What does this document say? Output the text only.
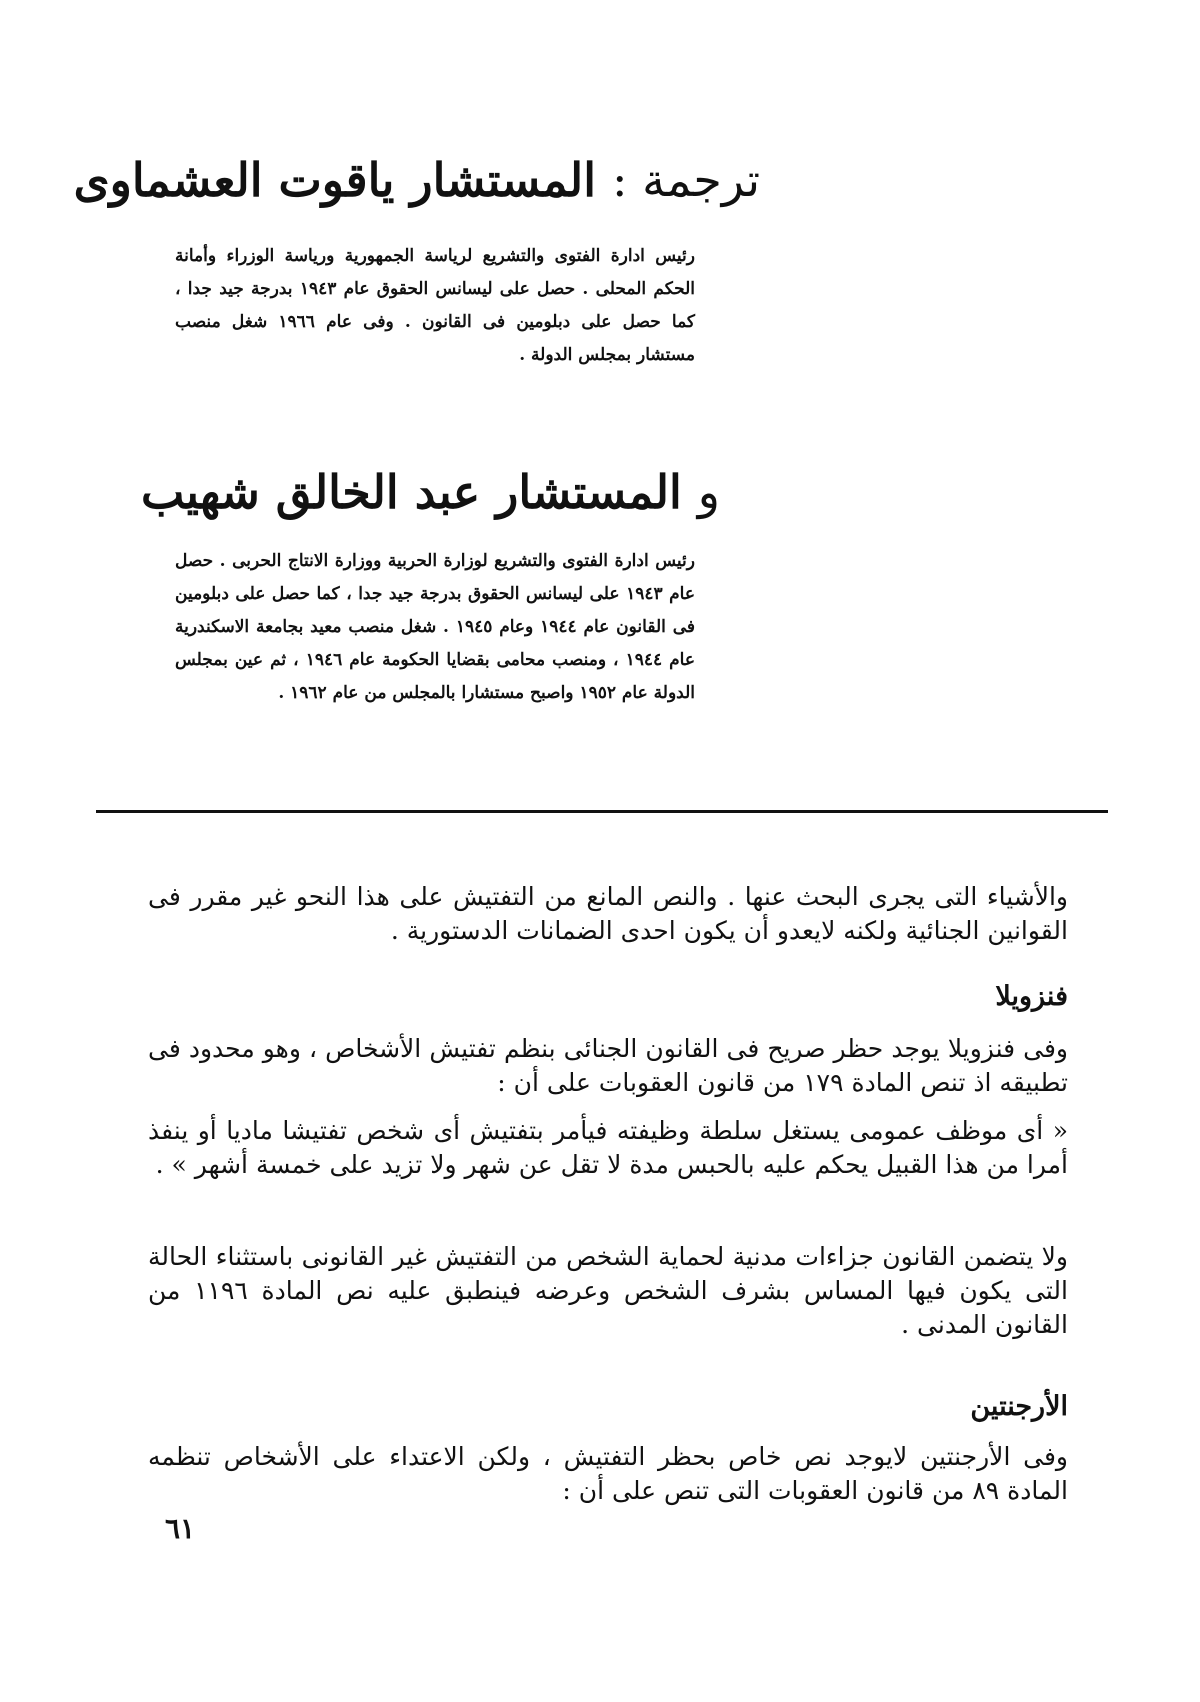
ترجمة : المستشار ياقوت العشماوى
رئيس ادارة الفتوى والتشريع لرياسة الجمهورية ورياسة الوزراء وأمانة الحكم المحلى . حصل على ليسانس الحقوق عام ١٩٤٣ بدرجة جيد جدا ، كما حصل على دبلومين فى القانون . وفى عام ١٩٦٦ شغل منصب مستشار بمجلس الدولة .
و المستشار عبد الخالق شهيب
رئيس ادارة الفتوى والتشريع لوزارة الحربية ووزارة الانتاج الحربى . حصل عام ١٩٤٣ على ليسانس الحقوق بدرجة جيد جدا ، كما حصل على دبلومين فى القانون عام ١٩٤٤ وعام ١٩٤٥ . شغل منصب معيد بجامعة الاسكندرية عام ١٩٤٤ ، ومنصب محامى بقضايا الحكومة عام ١٩٤٦ ، ثم عين بمجلس الدولة عام ١٩٥٢ واصبح مستشارا بالمجلس من عام ١٩٦٢ .
والأشياء التى يجرى البحث عنها . والنص المانع من التفتيش على هذا النحو غير مقرر فى القوانين الجنائية ولكنه لايعدو أن يكون احدى الضمانات الدستورية .
فنزويلا
وفى فنزويلا يوجد حظر صريح فى القانون الجنائى بنظم تفتيش الأشخاص ، وهو محدود فى تطبيقه اذ تنص المادة ١٧٩ من قانون العقوبات على أن :
« أى موظف عمومى يستغل سلطة وظيفته فيأمر بتفتيش أى شخص تفتيشا ماديا أو ينفذ أمرا من هذا القبيل يحكم عليه بالحبس مدة لا تقل عن شهر ولا تزيد على خمسة أشهر » .
ولا يتضمن القانون جزاءات مدنية لحماية الشخص من التفتيش غير القانونى باستثناء الحالة التى يكون فيها المساس بشرف الشخص وعرضه فينطبق عليه نص المادة ١١٩٦ من القانون المدنى .
الأرجنتين
وفى الأرجنتين لايوجد نص خاص بحظر التفتيش ، ولكن الاعتداء على الأشخاص تنظمه المادة ٨٩ من قانون العقوبات التى تنص على أن :
٦١
